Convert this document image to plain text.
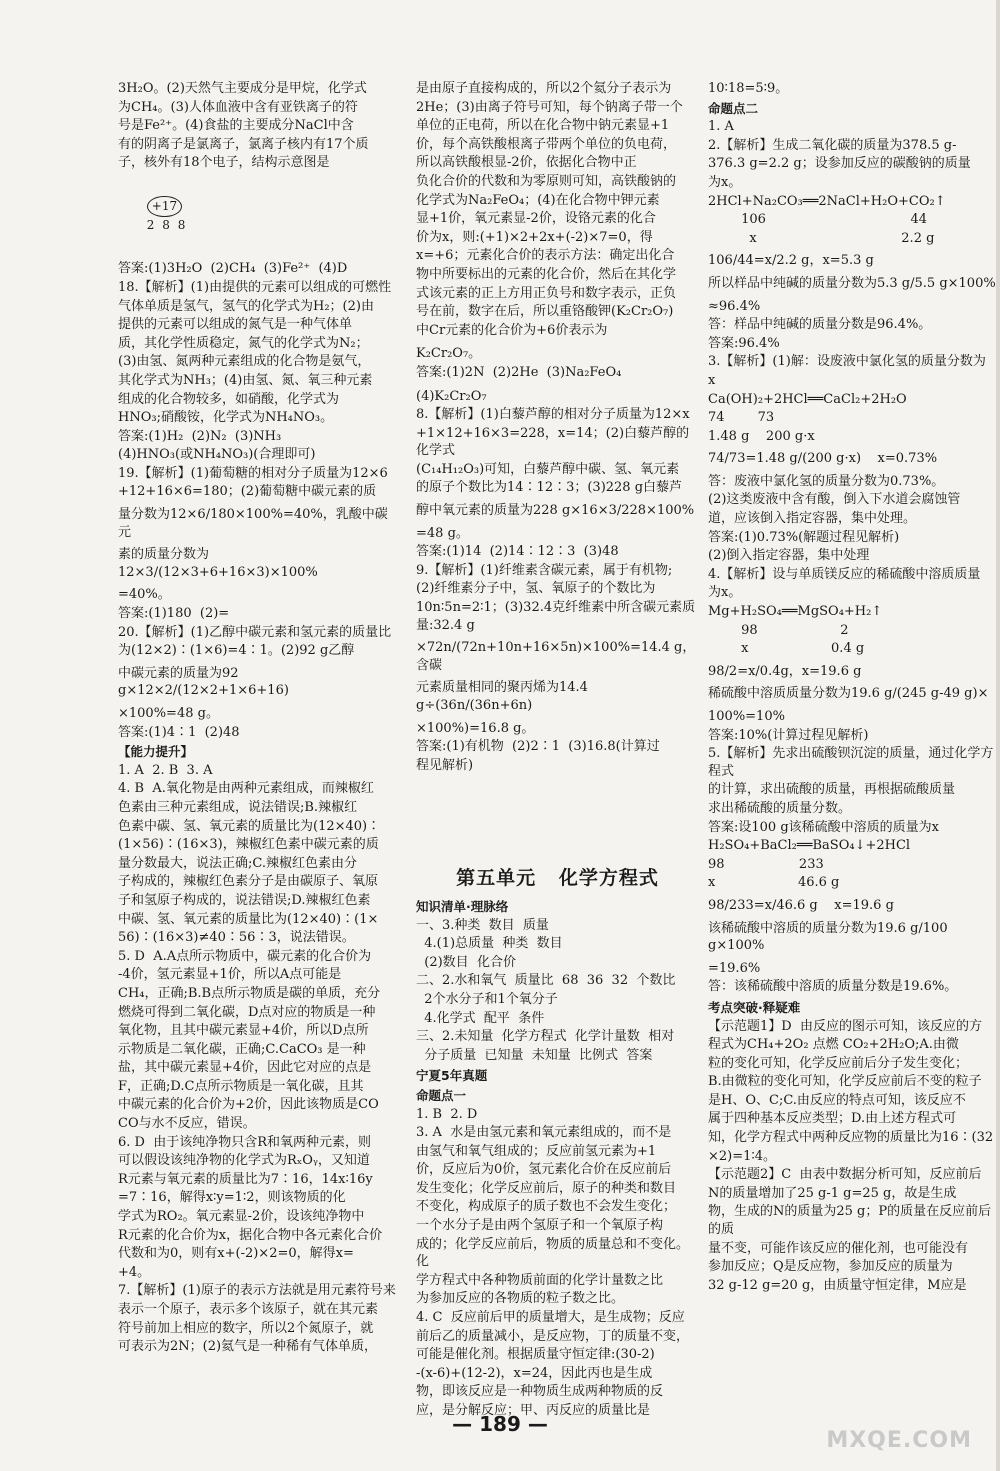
3H₂O。(2)天然气主要成分是甲烷，化学式

为CH₄。(3)人体血液中含有亚铁离子的符

号是Fe²⁺。(4)食盐的主要成分NaCl中含

有的阴离子是氯离子，氯离子核内有17个质

子，核外有18个电子，结构示意图是

+17
2 8 8

答案:(1)3H₂O  (2)CH₄  (3)Fe²⁺  (4)D

18.【解析】(1)由提供的元素可以组成的可燃性

气体单质是氢气，氢气的化学式为H₂；(2)由

提供的元素可以组成的氮气是一种气体单

质，其化学性质稳定，氮气的化学式为N₂；

(3)由氢、氮两种元素组成的化合物是氨气，

其化学式为NH₃；(4)由氢、氮、氧三种元素

组成的化合物较多，如硝酸，化学式为

HNO₃;硝酸铵，化学式为NH₄NO₃。

答案:(1)H₂  (2)N₂  (3)NH₃

(4)HNO₃(或NH₄NO₃)(合理即可)

19.【解析】(1)葡萄糖的相对分子质量为12×6

+12+16×6=180；(2)葡萄糖中碳元素的质

量分数为12×6/180×100%=40%，乳酸中碳元

素的质量分数为12×3/(12×3+6+16×3)×100%

=40%。

答案:(1)180  (2)=

20.【解析】(1)乙醇中碳元素和氢元素的质量比

为(12×2)∶(1×6)=4∶1。(2)92 g乙醇

中碳元素的质量为92 g×12×2/(12×2+1×6+16)

×100%=48 g。

答案:(1)4∶1  (2)48

【能力提升】

1. A  2. B  3. A

4. B  A.氧化物是由两种元素组成，而辣椒红

色素由三种元素组成，说法错误;B.辣椒红

色素中碳、氢、氧元素的质量比为(12×40)∶

(1×56)∶(16×3)，辣椒红色素中碳元素的质

量分数最大，说法正确;C.辣椒红色素由分

子构成的，辣椒红色素分子是由碳原子、氧原

子和氢原子构成的，说法错误;D.辣椒红色素

中碳、氢、氧元素的质量比为(12×40)∶(1×

56)∶(16×3)≠40∶56∶3，说法错误。

5. D  A.A点所示物质中，碳元素的化合价为

-4价，氢元素显+1价，所以A点可能是

CH₄，正确;B.B点所示物质是碳的单质，充分

燃烧可得到二氧化碳，D点对应的物质是一种

氧化物，且其中碳元素显+4价，所以D点所

示物质是二氧化碳，正确;C.CaCO₃ 是一种

盐，其中碳元素显+4价，因此它对应的点是

F，正确;D.C点所示物质是一氧化碳，且其

中碳元素的化合价为+2价，因此该物质是CO

CO与水不反应，错误。

6. D  由于该纯净物只含R和氧两种元素，则

可以假设该纯净物的化学式为RₓOᵧ，又知道

R元素与氧元素的质量比为7∶16，14x∶16y

=7∶16，解得x∶y=1∶2，则该物质的化

学式为RO₂。氧元素显-2价，设该纯净物中

R元素的化合价为x，据化合物中各元素化合价

代数和为0，则有x+(-2)×2=0，解得x=

+4。

7.【解析】(1)原子的表示方法就是用元素符号来

表示一个原子，表示多个该原子，就在其元素

符号前加上相应的数字，所以2个氮原子，就

可表示为2N；(2)氦气是一种稀有气体单质，

是由原子直接构成的，所以2个氦分子表示为

2He；(3)由离子符号可知，每个钠离子带一个

单位的正电荷，所以在化合物中钠元素显+1

价，每个高铁酸根离子带两个单位的负电荷，

所以高铁酸根显-2价，依据化合物中正

负化合价的代数和为零原则可知，高铁酸钠的

化学式为Na₂FeO₄；(4)在化合物中钾元素

显+1价，氧元素显-2价，设铬元素的化合

价为x，则:(+1)×2+2x+(-2)×7=0，得

x=+6；元素化合价的表示方法：确定出化合

物中所要标出的元素的化合价，然后在其化学

式该元素的正上方用正负号和数字表示，正负

号在前，数字在后，所以重铬酸钾(K₂Cr₂O₇)

中Cr元素的化合价为+6价表示为

K₂Cr₂O₇。

答案:(1)2N  (2)2He  (3)Na₂FeO₄

(4)K₂Cr₂O₇

8.【解析】(1)白藜芦醇的相对分子质量为12×x

+1×12+16×3=228，x=14；(2)白藜芦醇的化学式

(C₁₄H₁₂O₃)可知，白藜芦醇中碳、氢、氧元素

的原子个数比为14∶12∶3；(3)228 g白藜芦

醇中氧元素的质量为228 g×16×3/228×100%

=48 g。

答案:(1)14  (2)14∶12∶3  (3)48

9.【解析】(1)纤维素含碳元素，属于有机物;

(2)纤维素分子中，氢、氧原子的个数比为

10n∶5n=2∶1；(3)32.4克纤维素中所含碳元素质量:32.4 g

×72n/(72n+10n+16×5n)×100%=14.4 g，含碳

元素质量相同的聚丙烯为14.4 g÷(36n/(36n+6n)

×100%)=16.8 g。

答案:(1)有机物  (2)2∶1  (3)16.8(计算过

程见解析)

第五单元   化学方程式

知识清单·理脉络

一、3.种类  数目  质量

4.(1)总质量  种类  数目

(2)数目  化合价

二、2.水和氧气  质量比  68  36  32  个数比

2个水分子和1个氧分子

4.化学式  配平  条件

三、2.未知量  化学方程式  化学计量数  相对

分子质量  已知量  未知量  比例式  答案

宁夏5年真题

命题点一

1. B  2. D

3. A  水是由氢元素和氧元素组成的，而不是

由氢气和氧气组成的；反应前氢元素为+1

价，反应后为0价，氢元素化合价在反应前后

发生变化；化学反应前后，原子的种类和数目

不变化，构成原子的质子数也不会发生变化；

一个水分子是由两个氢原子和一个氧原子构

成的；化学反应前后，物质的质量总和不变化。化

学方程式中各种物质前面的化学计量数之比

为参加反应的各物质的粒子数之比。

4. C  反应前后甲的质量增大，是生成物；反应

前后乙的质量减小，是反应物，丁的质量不变，

可能是催化剂。根据质量守恒定律:(30-2)

-(x-6)+(12-2)，x=24，因此丙也是生成

物，即该反应是一种物质生成两种物质的反

应，是分解反应；甲、丙反应的质量比是

10∶18=5∶9。

命题点二

1. A

2.【解析】生成二氧化碳的质量为378.5 g-

376.3 g=2.2 g；设参加反应的碳酸钠的质量

为x。

2HCl+Na₂CO₃══2NaCl+H₂O+CO₂↑

106                                   44

x                                   2.2 g

106/44=x/2.2 g，x=5.3 g

所以样品中纯碱的质量分数为5.3 g/5.5 g×100%

≈96.4%

答：样品中纯碱的质量分数是96.4%。

答案:96.4%

3.【解析】(1)解：设废液中氯化氢的质量分数为

x

Ca(OH)₂+2HCl══CaCl₂+2H₂O

74        73

1.48 g    200 g·x

74/73=1.48 g/(200 g·x)    x=0.73%

答：废液中氯化氢的质量分数为0.73%。

(2)这类废液中含有酸，倒入下水道会腐蚀管

道，应该倒入指定容器，集中处理。

答案:(1)0.73%(解题过程见解析)

(2)倒入指定容器，集中处理

4.【解析】设与单质镁反应的稀硫酸中溶质质量

为x。

Mg+H₂SO₄══MgSO₄+H₂↑

98                    2

x                    0.4 g

98/2=x/0.4g，x=19.6 g

稀硫酸中溶质质量分数为19.6 g/(245 g-49 g)×

100%=10%

答案:10%(计算过程见解析)

5.【解析】先求出硫酸钡沉淀的质量，通过化学方程式

的计算，求出硫酸的质量，再根据硫酸质量

求出稀硫酸的质量分数。

答案:设100 g该稀硫酸中溶质的质量为x

H₂SO₄+BaCl₂══BaSO₄↓+2HCl

98                  233

x                    46.6 g

98/233=x/46.6 g    x=19.6 g

该稀硫酸中溶质的质量分数为19.6 g/100 g×100%

=19.6%

答：该稀硫酸中溶质的质量分数是19.6%。

考点突破·释疑难

【示范题1】D  由反应的图示可知，该反应的方

程式为CH₄+2O₂ 点燃 CO₂+2H₂O;A.由微

粒的变化可知，化学反应前后分子发生变化；

B.由微粒的变化可知，化学反应前后不变的粒子

是H、O、C;C.由反应的特点可知，该反应不

属于四种基本反应类型；D.由上述方程式可

知，化学方程式中两种反应物的质量比为16∶(32

×2)=1∶4。

【示范题2】C  由表中数据分析可知，反应前后

N的质量增加了25 g-1 g=25 g，故是生成

物，生成的N的质量为25 g；P的质量在反应前后的质

量不变，可能作该反应的催化剂，也可能没有

参加反应；Q是反应物，参加反应的质量为

32 g-12 g=20 g，由质量守恒定律，M应是

— 189 —
MXQE.COM
